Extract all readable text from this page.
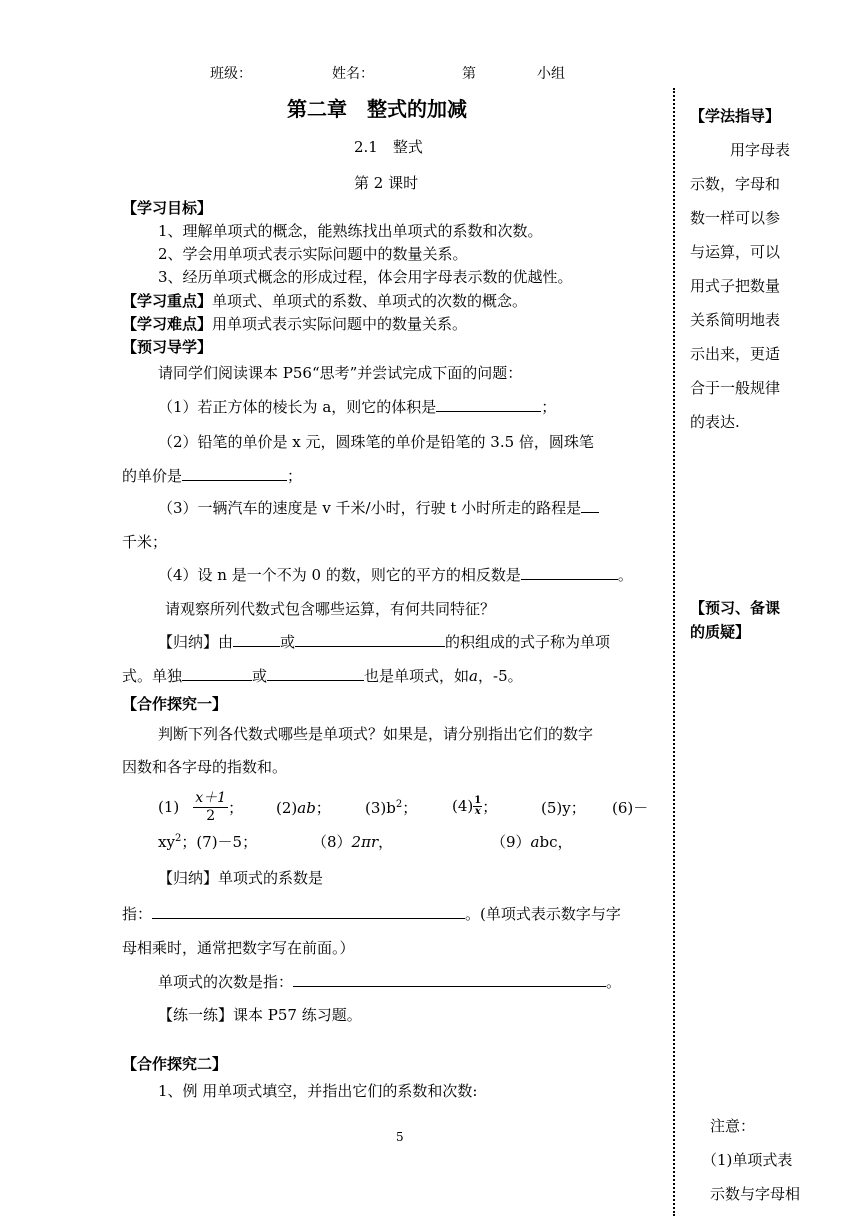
班级：	姓名：	第	小组
第二章　整式的加减
2.1　整式
第 2 课时
【学习目标】
1、理解单项式的概念，能熟练找出单项式的系数和次数。
2、学会用单项式表示实际问题中的数量关系。
3、经历单项式概念的形成过程，体会用字母表示数的优越性。
【学习重点】单项式、单项式的系数、单项式的次数的概念。
【学习难点】用单项式表示实际问题中的数量关系。
【预习导学】
请同学们阅读课本 P56“思考”并尝试完成下面的问题：
（1）若正方体的棱长为 a，则它的体积是	；
（2）铅笔的单价是 x 元，圆珠笔的单价是铅笔的 3.5 倍，圆珠笔
的单价是	；
（3）一辆汽车的速度是 v 千米/小时，行驶 t 小时所走的路程是
千米；
（4）设 n 是一个不为 0 的数，则它的平方的相反数是	。
请观察所列代数式包含哪些运算，有何共同特征？
【归纳】由	或	的积组成的式子称为单项
式。单独	或	也是单项式，如a，-5。
【合作探究一】
判断下列各代数式哪些是单项式？如果是，请分别指出它们的数字
因数和各字母的指数和。
$(1) \frac{x+1}{2}$ ； (2)ab； $(3)b^2$； $(4) \frac{1}{x}$ ；	(5)y； (6)－
$xy^2$；(7)－5；	（8）2πr，	（9）abc，
【归纳】单项式的系数是
指：	。(单项式表示数字与字
母相乘时，通常把数字写在前面。）
单项式的次数是指：	。
【练一练】课本 P57 练习题。
【合作探究二】
1、例 用单项式填空，并指出它们的系数和次数:
5
【学法指导】
用字母表
示数，字母和
数一样可以参
与运算，可以
用式子把数量
关系简明地表
示出来，更适
合于一般规律
的表达.
【预习、备课
的质疑】
注意：
（1)单项式表
示数与字母相
